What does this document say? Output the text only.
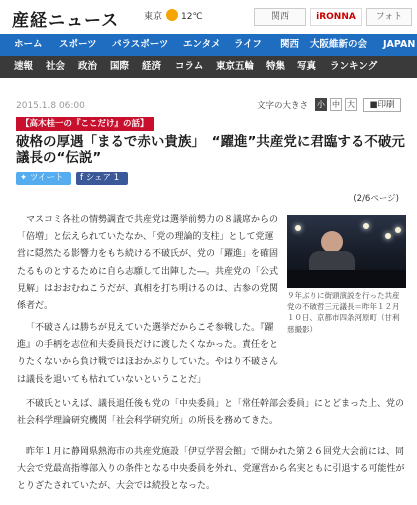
産経ニュース	東京 12℃	関西	iRONNA	フォト
ホーム スポーツ パラスポーツ エンタメ ライフ 関西 大阪維新の会 JAPAN
速報 社会 政治 国際 経済 コラム 東京五輪 特集 写真 ランキング
2015.1.8 06:00	文字の大きさ 小 中 大	■印刷
【高木桂一の『ここだけ』の話】
破格の厚遇「まるで赤い貴族」　“躍進”共産党に君臨する不破元議長の“伝説”
✦ ツイート	f シェア 1
(2/6ページ)

マスコミ各社の情勢調査で共産党は選挙前勢力の８議席からの「倍増」と伝えられていたなか、「党の理論的支柱」として党運営に隠然たる影響力をもち続ける不破氏が、党の「躍進」を確固たるものとするために自ら志願して出陣した―。共産党の「公式見解」はおおむねこうだが、真相を打ち明けるのは、古参の党関係者だ。

「不破さんは勝ちが見えていた選挙だからこそ参戦した。『躍進』の手柄を志位和夫委員長だけに渡したくなかった。責任をとりたくないから負け戦ではほおかぶりしていた。やはり不破さんは議長を退いても枯れていないということだ」

不破氏といえば、議長退任後も党の「中央委員」と「常任幹部会委員」にとどまった上、党の社会科学理論研究機関「社会科学研究所」の所長を務めてきた。

昨年１月に静岡県熱海市の共産党施設「伊豆学習会館」で開かれた第２６回党大会前には、同大会で党最高指導部入りの条件となる中央委員を外れ、党運営から名実ともに引退する可能性がとりざたされていたが、大会では続投となった。

９年ぶりに街頭演説を行った共産党の不破哲三元議長＝昨年１２月１０日、京都市四条河原町（甘利慈撮影）
